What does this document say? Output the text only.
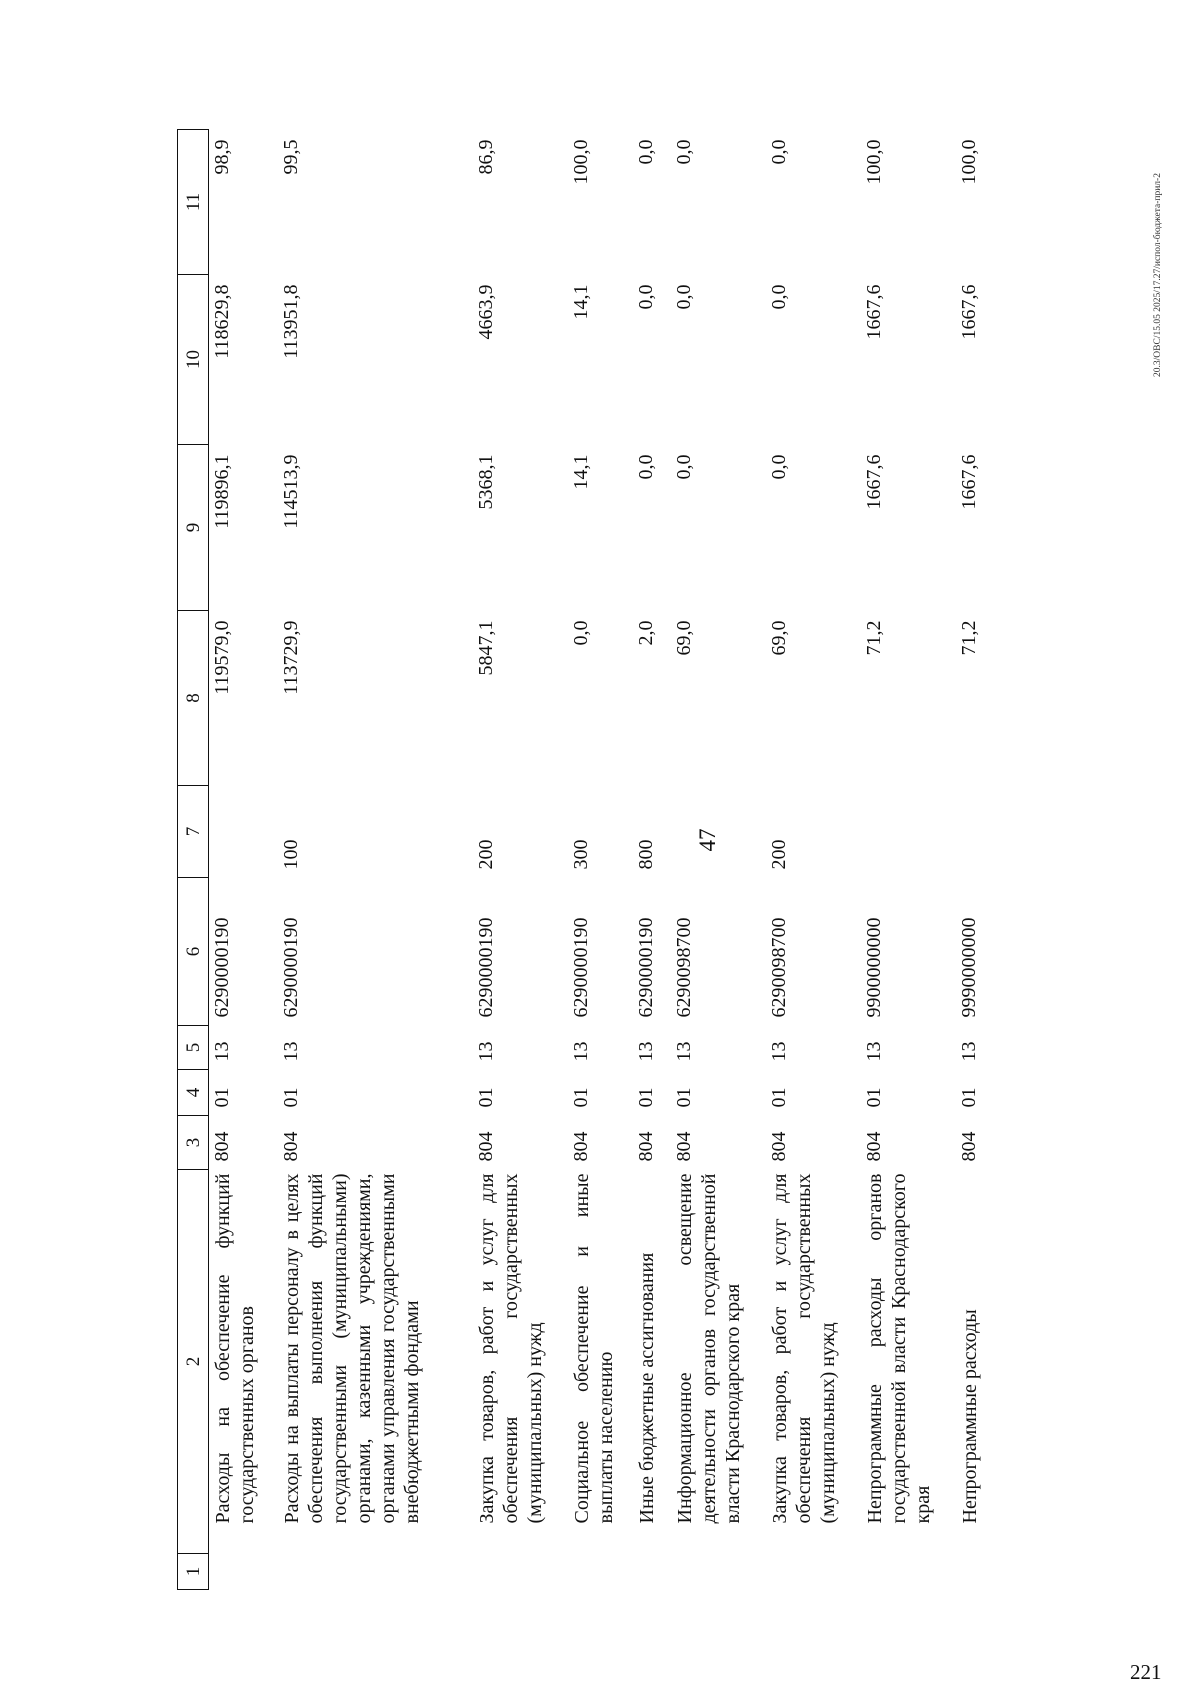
47
20.3/ОВС/15.05 2025/17.27/испол-бюджета-прил-2
221
1	2	3	4	5	6	7	8	9	10	11
	Расходы на обеспечение функций государственных органов	804	01	13	6290000190		119579,0	119896,1	118629,8	98,9
	Расходы на выплаты персоналу в целях обеспечения выполнения функций государственными (муниципальными) органами, казенными учреждениями, органами управления государственными внебюджетными фондами	804	01	13	6290000190	100	113729,9	114513,9	113951,8	99,5
	Закупка товаров, работ и услуг для обеспечения государственных (муниципальных) нужд	804	01	13	6290000190	200	5847,1	5368,1	4663,9	86,9
	Социальное обеспечение и иные выплаты населению	804	01	13	6290000190	300	0,0	14,1	14,1	100,0
	Иные бюджетные ассигнования	804	01	13	6290000190	800	2,0	0,0	0,0	0,0
	Информационное освещение деятельности органов государственной власти Краснодарского края	804	01	13	6290098700		69,0	0,0	0,0	0,0
	Закупка товаров, работ и услуг для обеспечения государственных (муниципальных) нужд	804	01	13	6290098700	200	69,0	0,0	0,0	0,0
	Непрограммные расходы органов государственной власти Краснодарского края	804	01	13	9900000000		71,2	1667,6	1667,6	100,0
	Непрограммные расходы	804	01	13	9990000000		71,2	1667,6	1667,6	100,0
